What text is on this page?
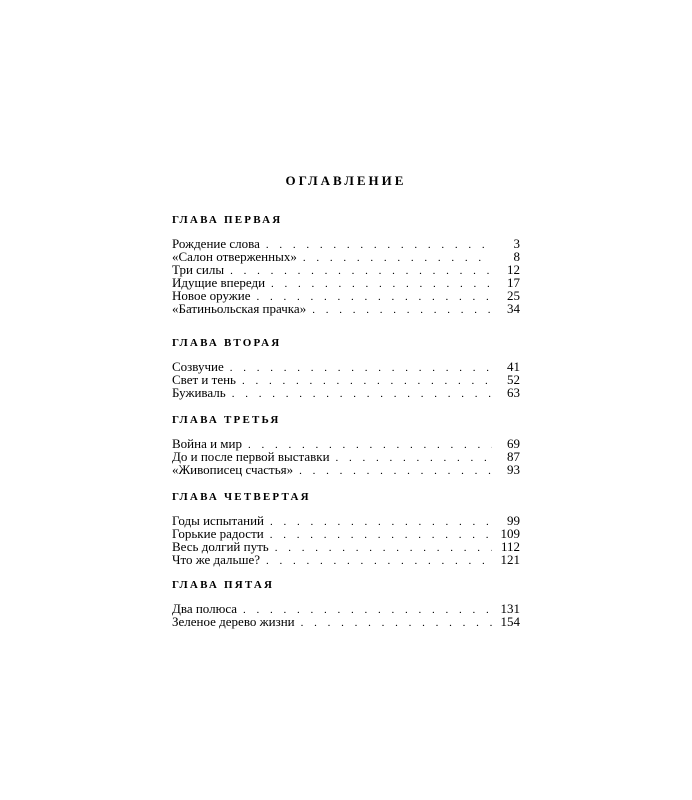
ОГЛАВЛЕНИЕ
ГЛАВА ПЕРВАЯ
Рождение слова . . .	3
«Салон отверженных» . . .	8
Три силы . . .	12
Идущие впереди . . .	17
Новое оружие . . .	25
«Батиньольская прачка» . . .	34
ГЛАВА ВТОРАЯ
Созвучие . . .	41
Свет и тень . . .	52
Буживаль . . .	63
ГЛАВА ТРЕТЬЯ
Война и мир . . .	69
До и после первой выставки . . .	87
«Живописец счастья» . . .	93
ГЛАВА ЧЕТВЕРТАЯ
Годы испытаний . . .	99
Горькие радости . . .	109
Весь долгий путь . . .	112
Что же дальше? . . .	121
ГЛАВА ПЯТАЯ
Два полюса . . .	131
Зеленое дерево жизни . . .	154
